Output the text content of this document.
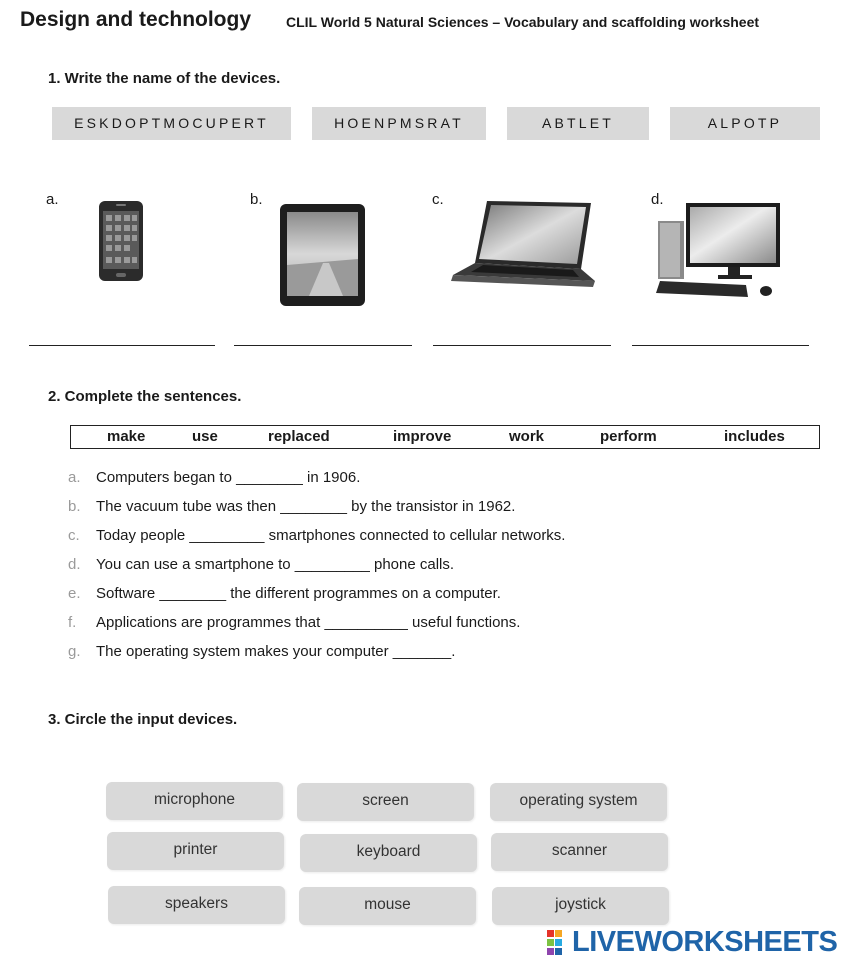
Design and technology CLIL World 5 Natural Sciences – Vocabulary and scaffolding worksheet
1. Write the name of the devices.
ESKDOPTMOCUPERT	HOENPMSRAT	ABTLET	ALPOTP
a.	b.	c.	d.
2. Complete the sentences.
make	use	replaced	improve	work	perform	includes
a. Computers began to ________ in 1906.
b. The vacuum tube was then ________ by the transistor in 1962.
c. Today people _________ smartphones connected to cellular networks.
d. You can use a smartphone to _________ phone calls.
e. Software ________ the different programmes on a computer.
f. Applications are programmes that __________ useful functions.
g. The operating system makes your computer _______.
3. Circle the input devices.
microphone	screen	operating system
printer	keyboard	scanner
speakers	mouse	joystick
LIVEWORKSHEETS
